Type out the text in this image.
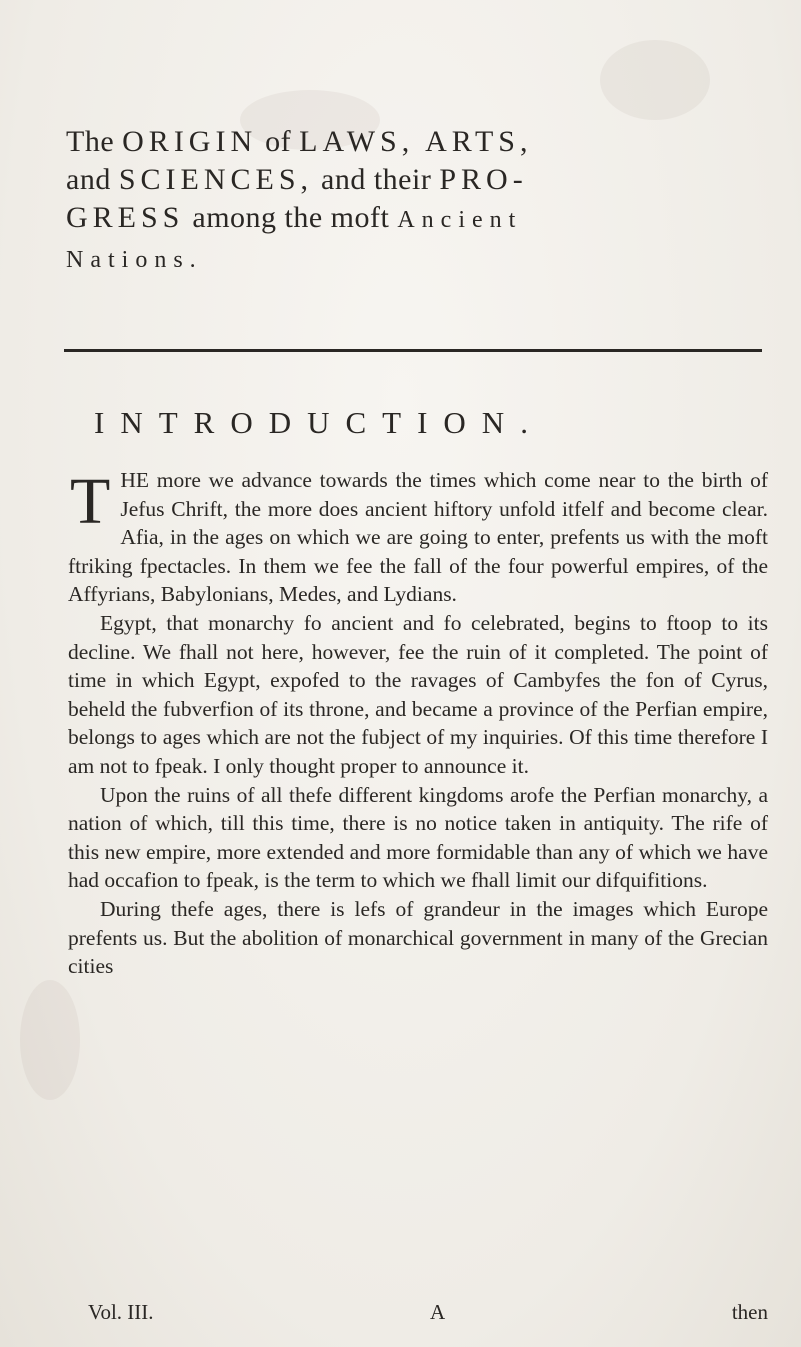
The ORIGIN of LAWS, ARTS,
and SCIENCES, and their PRO-
GRESS among the moft Ancient
Nations.
INTRODUCTION.

THE more we advance towards the times which come near to the birth of Jefus Chrift, the more does ancient hiftory unfold itfelf and become clear. Afia, in the ages on which we are going to enter, prefents us with the moft ftriking fpectacles. In them we fee the fall of the four powerful empires, of the Affyrians, Babylonians, Medes, and Lydians.

Egypt, that monarchy fo ancient and fo celebrated, begins to ftoop to its decline. We fhall not here, however, fee the ruin of it completed. The point of time in which Egypt, expofed to the ravages of Cambyfes the fon of Cyrus, beheld the fubverfion of its throne, and became a province of the Perfian empire, belongs to ages which are not the fubject of my inquiries. Of this time therefore I am not to fpeak. I only thought proper to announce it.

Upon the ruins of all thefe different kingdoms arofe the Perfian monarchy, a nation of which, till this time, there is no notice taken in antiquity. The rife of this new empire, more extended and more formidable than any of which we have had occafion to fpeak, is the term to which we fhall limit our difquifitions.

During thefe ages, there is lefs of grandeur in the images which Europe prefents us. But the abolition of monarchical government in many of the Grecian cities

Vol. III.	A	then
